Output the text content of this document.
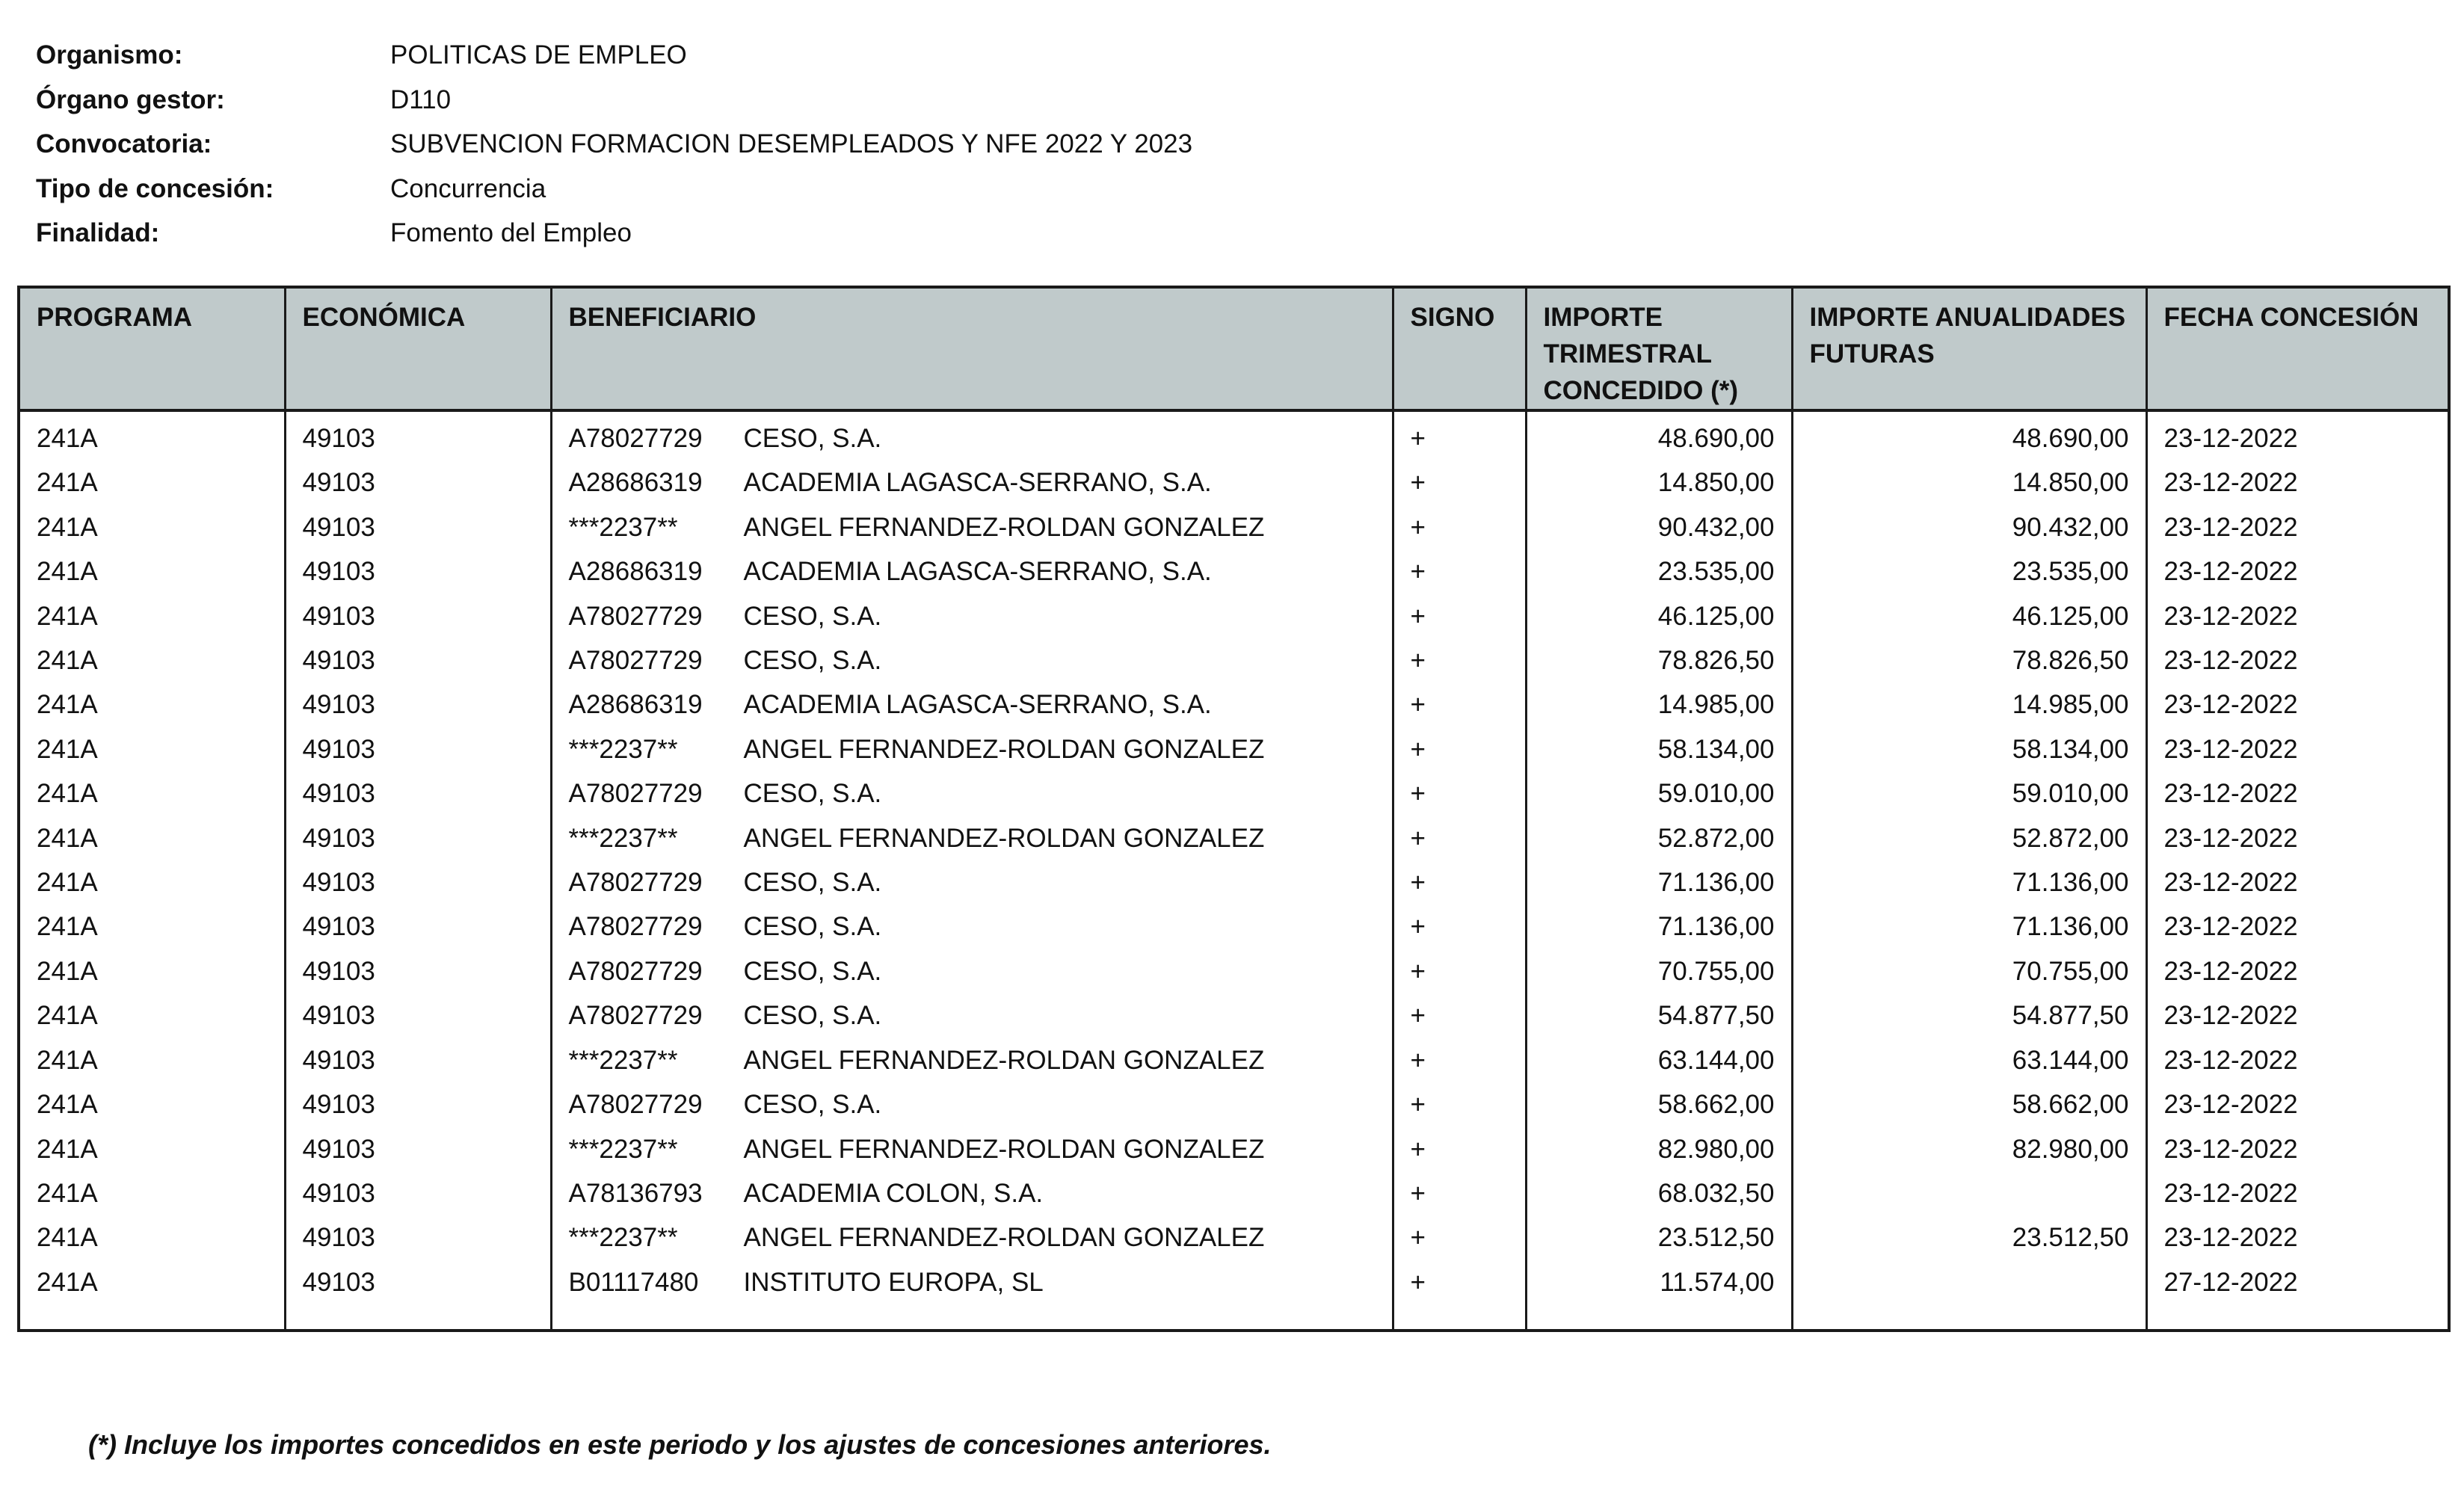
Organismo:	POLITICAS DE EMPLEO
Órgano gestor:	D110
Convocatoria:	SUBVENCION FORMACION DESEMPLEADOS Y NFE 2022 Y 2023
Tipo de concesión:	Concurrencia
Finalidad:	Fomento del Empleo
PROGRAMA	ECONÓMICA	BENEFICIARIO	SIGNO	IMPORTE TRIMESTRAL CONCEDIDO (*)	IMPORTE ANUALIDADES FUTURAS	FECHA CONCESIÓN
241A	49103	A78027729 CESO, S.A.	+	48.690,00	48.690,00	23-12-2022
241A	49103	A28686319 ACADEMIA LAGASCA-SERRANO, S.A.	+	14.850,00	14.850,00	23-12-2022
241A	49103	***2237** ANGEL FERNANDEZ-ROLDAN GONZALEZ	+	90.432,00	90.432,00	23-12-2022
241A	49103	A28686319 ACADEMIA LAGASCA-SERRANO, S.A.	+	23.535,00	23.535,00	23-12-2022
241A	49103	A78027729 CESO, S.A.	+	46.125,00	46.125,00	23-12-2022
241A	49103	A78027729 CESO, S.A.	+	78.826,50	78.826,50	23-12-2022
241A	49103	A28686319 ACADEMIA LAGASCA-SERRANO, S.A.	+	14.985,00	14.985,00	23-12-2022
241A	49103	***2237** ANGEL FERNANDEZ-ROLDAN GONZALEZ	+	58.134,00	58.134,00	23-12-2022
241A	49103	A78027729 CESO, S.A.	+	59.010,00	59.010,00	23-12-2022
241A	49103	***2237** ANGEL FERNANDEZ-ROLDAN GONZALEZ	+	52.872,00	52.872,00	23-12-2022
241A	49103	A78027729 CESO, S.A.	+	71.136,00	71.136,00	23-12-2022
241A	49103	A78027729 CESO, S.A.	+	71.136,00	71.136,00	23-12-2022
241A	49103	A78027729 CESO, S.A.	+	70.755,00	70.755,00	23-12-2022
241A	49103	A78027729 CESO, S.A.	+	54.877,50	54.877,50	23-12-2022
241A	49103	***2237** ANGEL FERNANDEZ-ROLDAN GONZALEZ	+	63.144,00	63.144,00	23-12-2022
241A	49103	A78027729 CESO, S.A.	+	58.662,00	58.662,00	23-12-2022
241A	49103	***2237** ANGEL FERNANDEZ-ROLDAN GONZALEZ	+	82.980,00	82.980,00	23-12-2022
241A	49103	A78136793 ACADEMIA COLON, S.A.	+	68.032,50		23-12-2022
241A	49103	***2237** ANGEL FERNANDEZ-ROLDAN GONZALEZ	+	23.512,50	23.512,50	23-12-2022
241A	49103	B01117480 INSTITUTO EUROPA, SL	+	11.574,00		27-12-2022

(*) Incluye los importes concedidos en este periodo y los ajustes de concesiones anteriores.
